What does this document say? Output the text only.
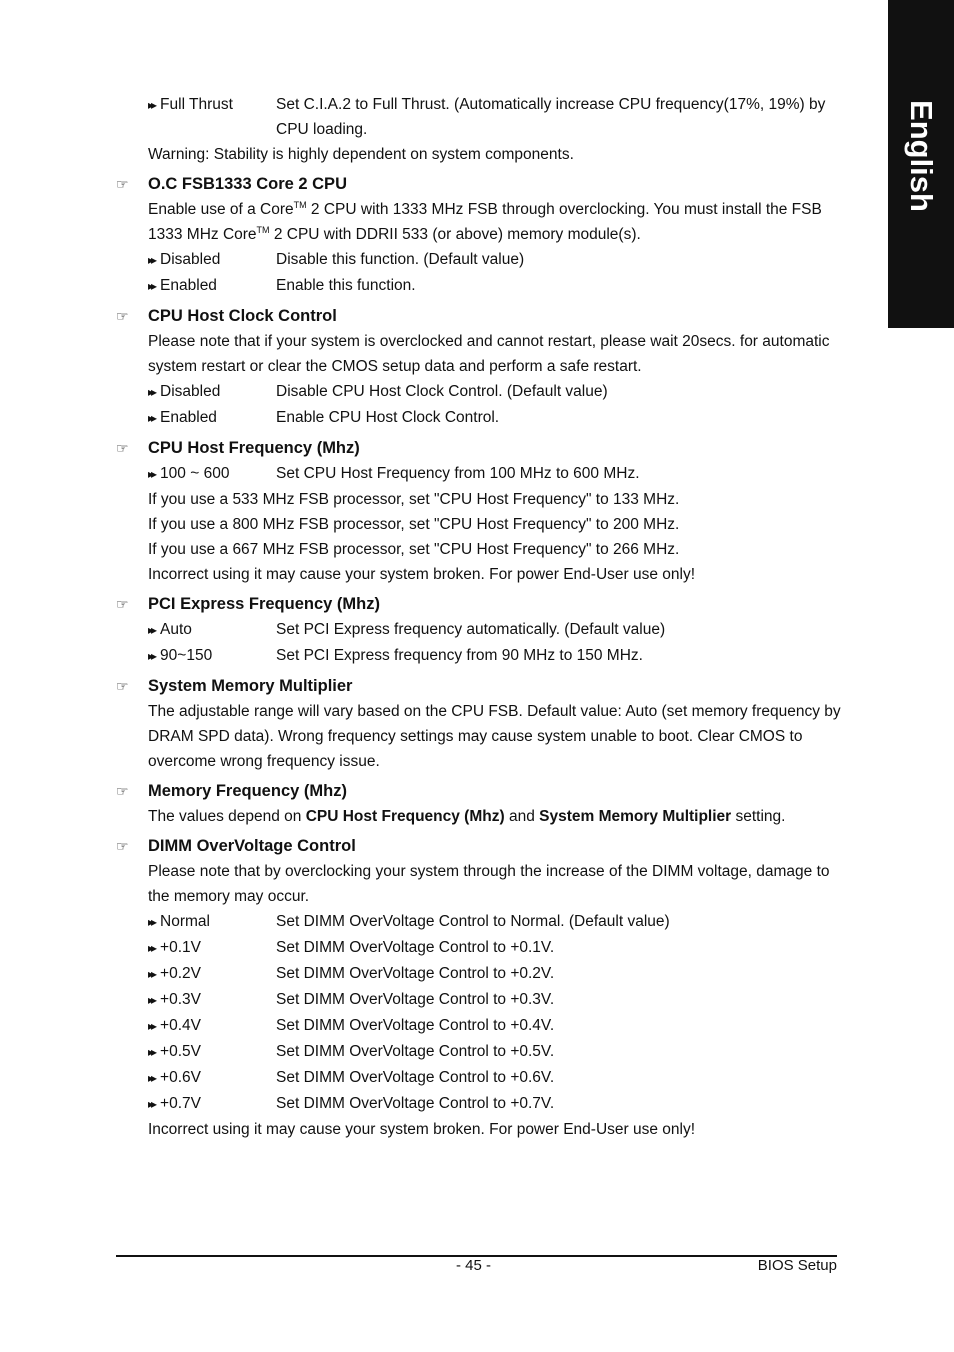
English
▸▸ Full Thrust	Set C.I.A.2 to Full Thrust. (Automatically increase CPU frequency(17%, 19%) by CPU loading.
Warning: Stability is highly dependent on system components.
☞	O.C FSB1333 Core 2 CPU
Enable use of a Core™ 2 CPU with 1333 MHz FSB through overclocking. You must install the FSB 1333 MHz Core™ 2 CPU with DDRII 533 (or above) memory module(s).
▸▸ Disabled	Disable this function. (Default value)
▸▸ Enabled	Enable this function.
☞	CPU Host Clock Control
Please note that if your system is overclocked and cannot restart, please wait 20secs. for automatic system restart or clear the CMOS setup data and perform a safe restart.
▸▸ Disabled	Disable CPU Host Clock Control. (Default value)
▸▸ Enabled	Enable CPU Host Clock Control.
☞	CPU Host Frequency (Mhz)
▸▸ 100 ~ 600	Set CPU Host Frequency from 100 MHz to 600 MHz.
If you use a 533 MHz FSB processor, set "CPU Host Frequency" to 133 MHz.
If you use a 800 MHz FSB processor, set "CPU Host Frequency" to 200 MHz.
If you use a 667 MHz FSB processor, set "CPU Host Frequency" to 266 MHz.
Incorrect using it may cause your system broken. For power End-User use only!
☞	PCI Express Frequency (Mhz)
▸▸ Auto	Set PCI Express frequency automatically. (Default value)
▸▸ 90~150	Set PCI Express frequency from 90 MHz to 150 MHz.
☞	System Memory Multiplier
The adjustable range will vary based on the CPU FSB. Default value: Auto (set memory frequency by DRAM SPD data). Wrong frequency settings may cause system unable to boot. Clear CMOS to overcome wrong frequency issue.
☞	Memory Frequency (Mhz)
The values depend on CPU Host Frequency (Mhz) and System Memory Multiplier setting.
☞	DIMM OverVoltage Control
Please note that by overclocking your system through the increase of the DIMM voltage, damage to the memory may occur.
▸▸ Normal	Set DIMM OverVoltage Control to Normal. (Default value)
▸▸ +0.1V	Set DIMM OverVoltage Control to +0.1V.
▸▸ +0.2V	Set DIMM OverVoltage Control to +0.2V.
▸▸ +0.3V	Set DIMM OverVoltage Control to +0.3V.
▸▸ +0.4V	Set DIMM OverVoltage Control to +0.4V.
▸▸ +0.5V	Set DIMM OverVoltage Control to +0.5V.
▸▸ +0.6V	Set DIMM OverVoltage Control to +0.6V.
▸▸ +0.7V	Set DIMM OverVoltage Control to +0.7V.
Incorrect using it may cause your system broken. For power End-User use only!
- 45 -	BIOS Setup
